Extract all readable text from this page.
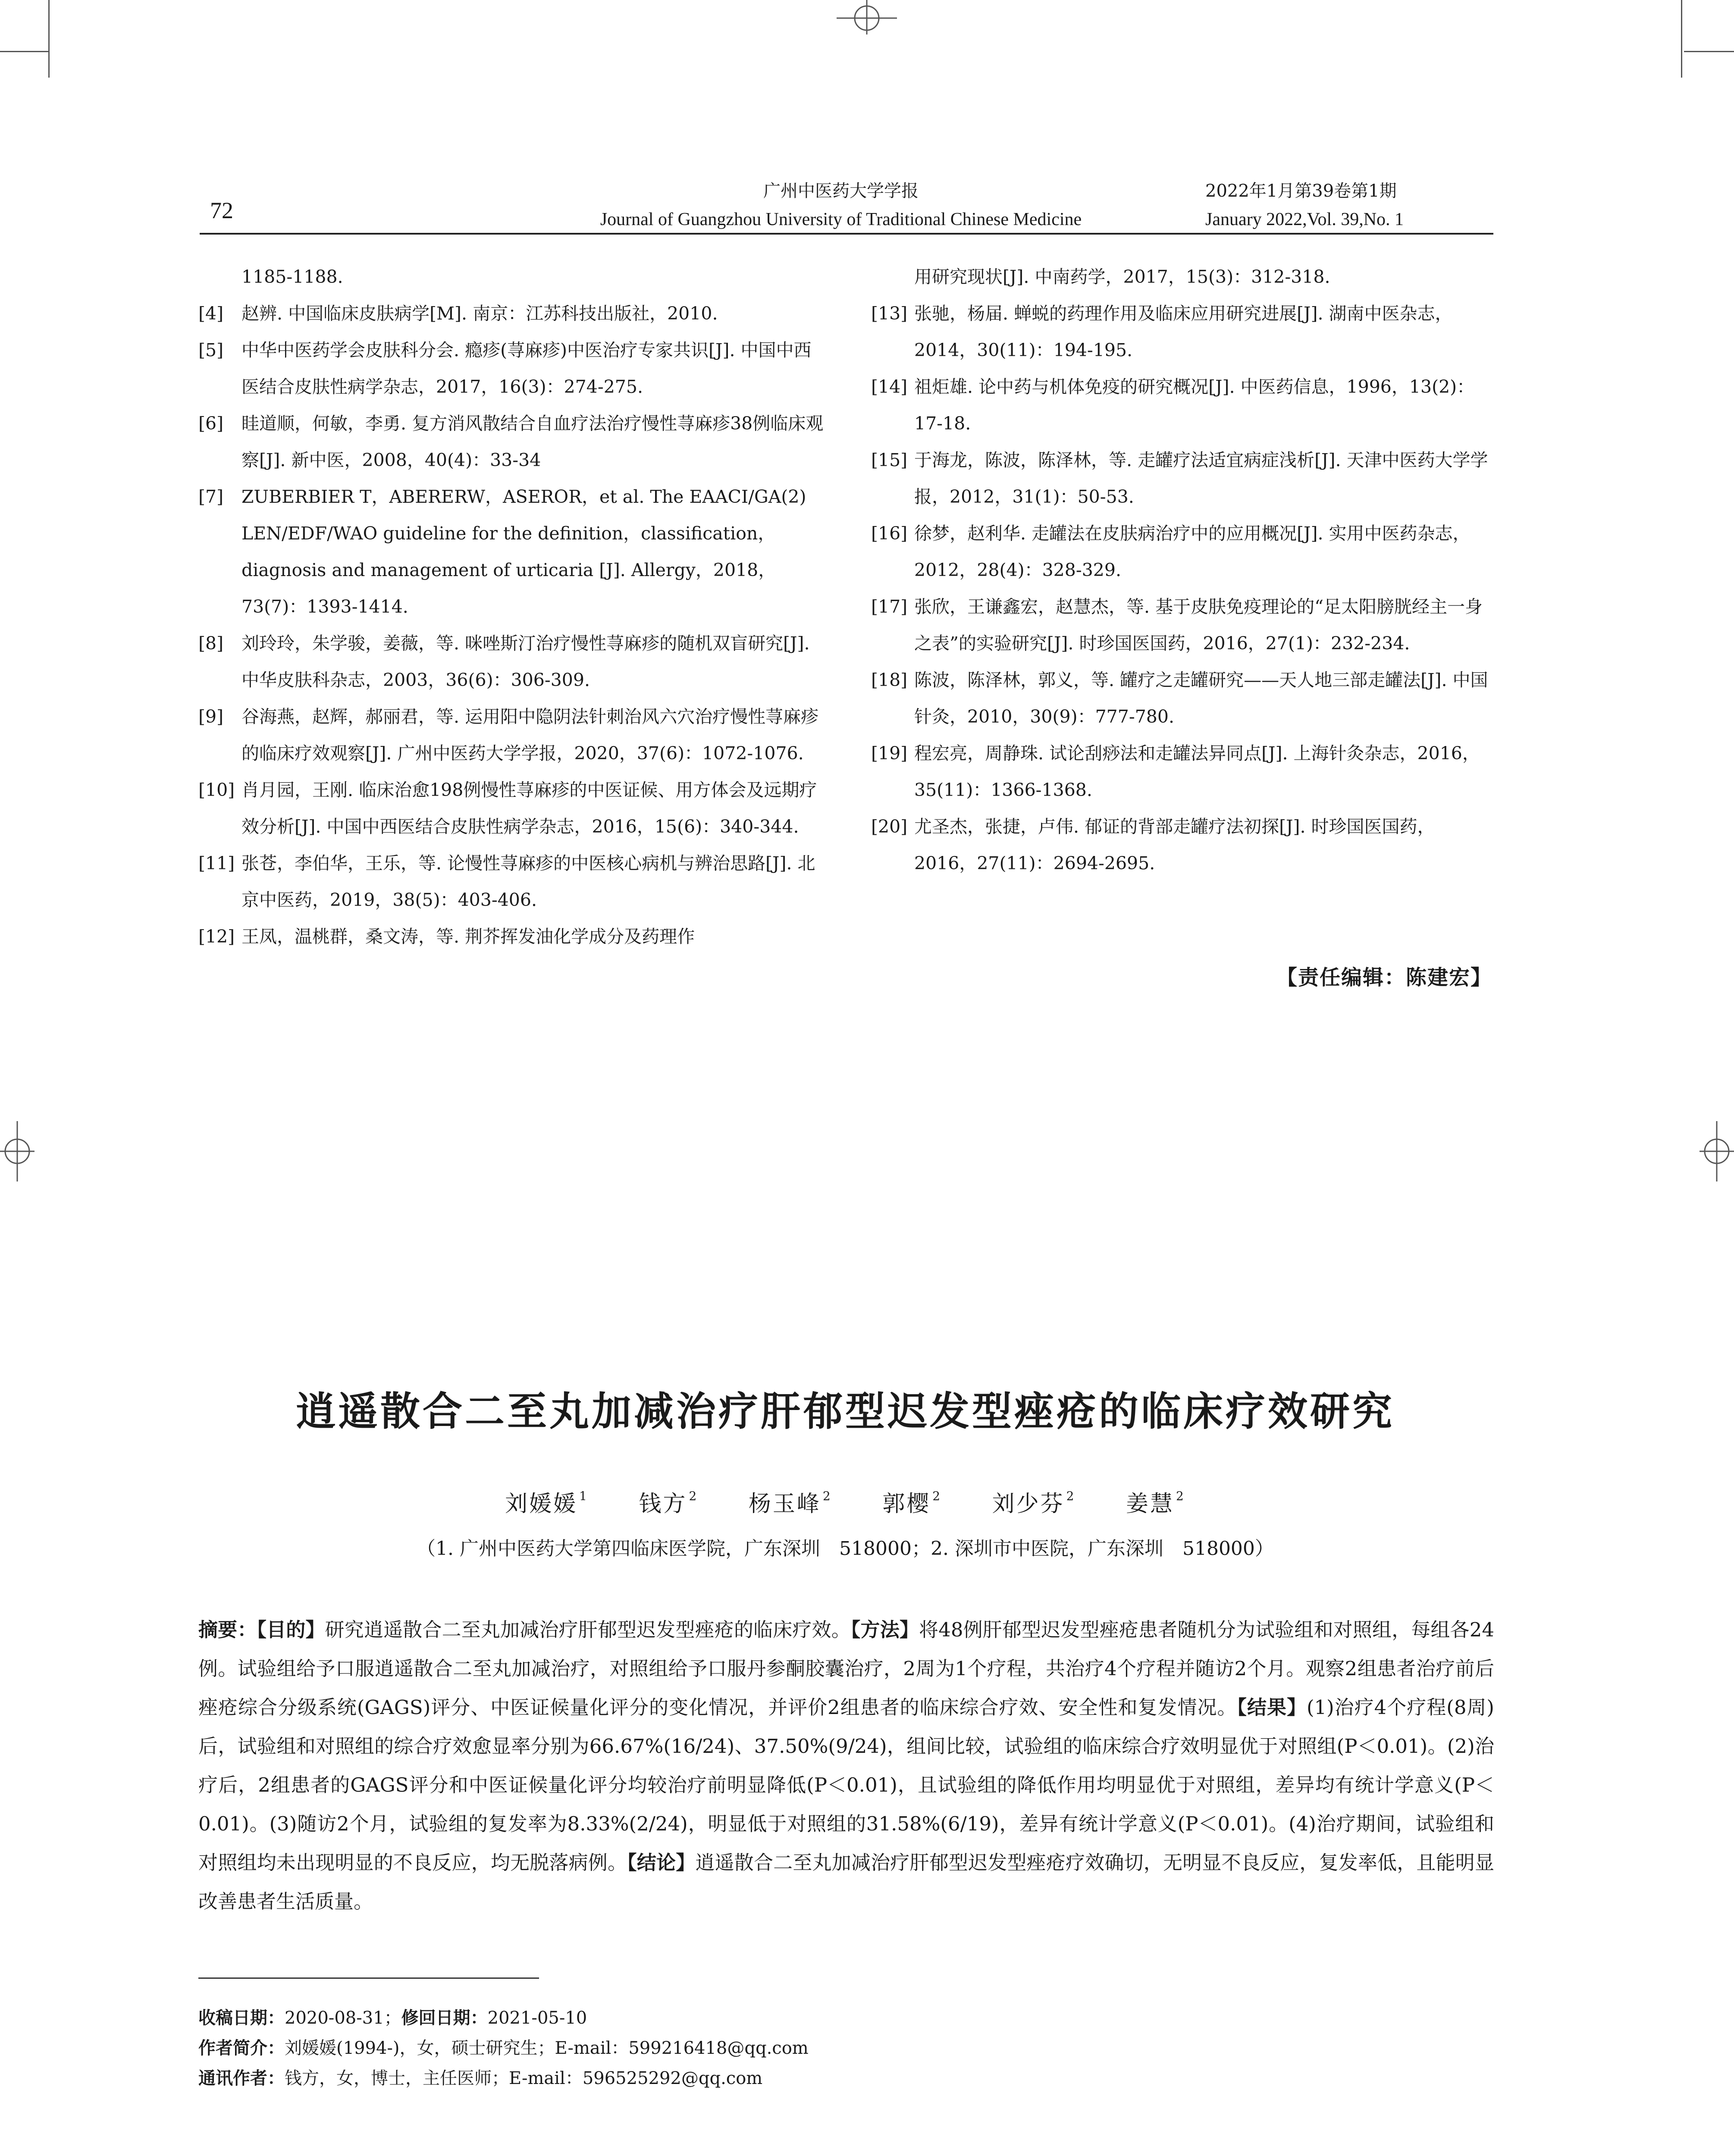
72
广州中医药大学学报
Journal of Guangzhou University of Traditional Chinese Medicine
2022年1月第39卷第1期
January 2022,Vol. 39,No. 1
1185-1188.
[4] 赵辨. 中国临床皮肤病学[M]. 南京：江苏科技出版社，2010.
[5] 中华中医药学会皮肤科分会. 瘾疹(荨麻疹)中医治疗专家共识[J]. 中国中西医结合皮肤性病学杂志，2017，16(3)：274-275.
[6] 眭道顺，何敏，李勇. 复方消风散结合自血疗法治疗慢性荨麻疹38例临床观察[J]. 新中医，2008，40(4)：33-34
[7] ZUBERBIER T，ABERERW，ASEROR，et al. The EAACI/GA(2) LEN/EDF/WAO guideline for the definition，classification，diagnosis and management of urticaria [J]. Allergy，2018，73(7)：1393-1414.
[8] 刘玲玲，朱学骏，姜薇，等. 咪唑斯汀治疗慢性荨麻疹的随机双盲研究[J]. 中华皮肤科杂志，2003，36(6)：306-309.
[9] 谷海燕，赵辉，郝丽君，等. 运用阳中隐阴法针刺治风六穴治疗慢性荨麻疹的临床疗效观察[J]. 广州中医药大学学报，2020，37(6)：1072-1076.
[10] 肖月园，王刚. 临床治愈198例慢性荨麻疹的中医证候、用方体会及远期疗效分析[J]. 中国中西医结合皮肤性病学杂志，2016，15(6)：340-344.
[11] 张苍，李伯华，王乐，等. 论慢性荨麻疹的中医核心病机与辨治思路[J]. 北京中医药，2019，38(5)：403-406.
[12] 王凤，温桃群，桑文涛，等. 荆芥挥发油化学成分及药理作
用研究现状[J]. 中南药学，2017，15(3)：312-318.
[13] 张驰，杨届. 蝉蜕的药理作用及临床应用研究进展[J]. 湖南中医杂志，2014，30(11)：194-195.
[14] 祖炬雄. 论中药与机体免疫的研究概况[J]. 中医药信息，1996，13(2)：17-18.
[15] 于海龙，陈波，陈泽林，等. 走罐疗法适宜病症浅析[J]. 天津中医药大学学报，2012，31(1)：50-53.
[16] 徐梦，赵利华. 走罐法在皮肤病治疗中的应用概况[J]. 实用中医药杂志，2012，28(4)：328-329.
[17] 张欣，王谦鑫宏，赵慧杰，等. 基于皮肤免疫理论的“足太阳膀胱经主一身之表”的实验研究[J]. 时珍国医国药，2016，27(1)：232-234.
[18] 陈波，陈泽林，郭义，等. 罐疗之走罐研究——天人地三部走罐法[J]. 中国针灸，2010，30(9)：777-780.
[19] 程宏亮，周静珠. 试论刮痧法和走罐法异同点[J]. 上海针灸杂志，2016，35(11)：1366-1368.
[20] 尤圣杰，张捷，卢伟. 郁证的背部走罐疗法初探[J]. 时珍国医国药，2016，27(11)：2694-2695.
【责任编辑：陈建宏】
逍遥散合二至丸加减治疗肝郁型迟发型痤疮的临床疗效研究
刘媛媛 $^1$ 钱方 $^2$ 杨玉峰 $^2$ 郭樱 $^2$ 刘少芬 $^2$ 姜慧 $^2$
（1. 广州中医药大学第四临床医学院，广东深圳　518000；2. 深圳市中医院，广东深圳　518000）
摘要：【目的】研究逍遥散合二至丸加减治疗肝郁型迟发型痤疮的临床疗效。【方法】将48例肝郁型迟发型痤疮患者随机分为试验组和对照组，每组各24例。试验组给予口服逍遥散合二至丸加减治疗，对照组给予口服丹参酮胶囊治疗，2周为1个疗程，共治疗4个疗程并随访2个月。观察2组患者治疗前后痤疮综合分级系统(GAGS)评分、中医证候量化评分的变化情况，并评价2组患者的临床综合疗效、安全性和复发情况。【结果】(1)治疗4个疗程(8周)后，试验组和对照组的综合疗效愈显率分别为66.67%(16/24)、37.50%(9/24)，组间比较，试验组的临床综合疗效明显优于对照组(P＜0.01)。(2)治疗后，2组患者的GAGS评分和中医证候量化评分均较治疗前明显降低(P＜0.01)，且试验组的降低作用均明显优于对照组，差异均有统计学意义(P＜0.01)。(3)随访2个月，试验组的复发率为8.33%(2/24)，明显低于对照组的31.58%(6/19)，差异有统计学意义(P＜0.01)。(4)治疗期间，试验组和对照组均未出现明显的不良反应，均无脱落病例。【结论】逍遥散合二至丸加减治疗肝郁型迟发型痤疮疗效确切，无明显不良反应，复发率低，且能明显改善患者生活质量。
收稿日期：2020-08-31；修回日期：2021-05-10
作者简介：刘媛媛(1994-)，女，硕士研究生；E-mail：599216418@qq.com
通讯作者：钱方，女，博士，主任医师；E-mail：596525292@qq.com
